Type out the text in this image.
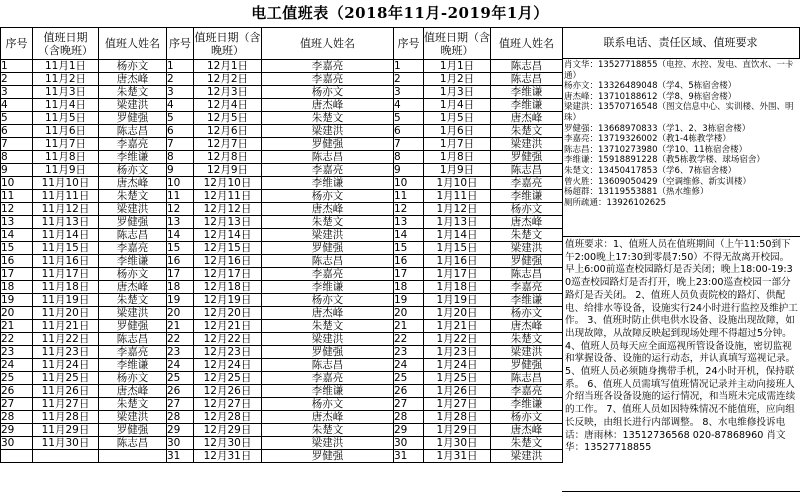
电工值班表（2018年11月-2019年1月）
序号	值班日期（含晚班）	值班人姓名	序号	值班日期（含晚班）	值班人姓名	序号	值班日期（含晚班）	值班人姓名
1	11月1日	杨亦文	1	12月1日	李嘉亮	1	1月1日	陈志昌
2	11月2日	唐杰峰	2	12月2日	李嘉亮	2	1月2日	陈志昌
3	11月3日	朱楚文	3	12月3日	杨亦文	3	1月3日	李维谦
4	11月4日	梁建洪	4	12月4日	唐杰峰	4	1月4日	李维谦
5	11月5日	罗健强	5	12月5日	朱楚文	5	1月5日	唐杰峰
6	11月6日	陈志昌	6	12月6日	梁建洪	6	1月6日	朱楚文
7	11月7日	李嘉亮	7	12月7日	罗健强	7	1月7日	梁建洪
8	11月8日	李维谦	8	12月8日	陈志昌	8	1月8日	罗健强
9	11月9日	杨亦文	9	12月9日	李嘉亮	9	1月9日	陈志昌
10	11月10日	唐杰峰	10	12月10日	李维谦	10	1月10日	李嘉亮
11	11月11日	朱楚文	11	12月11日	杨亦文	11	1月11日	李维谦
12	11月12日	梁建洪	12	12月12日	唐杰峰	12	1月12日	杨亦文
13	11月13日	罗健强	13	12月13日	朱楚文	13	1月13日	唐杰峰
14	11月14日	陈志昌	14	12月14日	梁建洪	14	1月14日	朱楚文
15	11月15日	李嘉亮	15	12月15日	罗健强	15	1月15日	梁建洪
16	11月16日	李维谦	16	12月16日	陈志昌	16	1月16日	罗健强
17	11月17日	杨亦文	17	12月17日	李嘉亮	17	1月17日	陈志昌
18	11月18日	唐杰峰	18	12月18日	李维谦	18	1月18日	李嘉亮
19	11月19日	朱楚文	19	12月19日	杨亦文	19	1月19日	李维谦
20	11月20日	梁建洪	20	12月20日	唐杰峰	20	1月20日	杨亦文
21	11月21日	罗健强	21	12月21日	朱楚文	21	1月21日	唐杰峰
22	11月22日	陈志昌	22	12月22日	梁建洪	22	1月22日	朱楚文
23	11月23日	李嘉亮	23	12月23日	罗健强	23	1月23日	梁建洪
24	11月24日	李维谦	24	12月24日	陈志昌	24	1月24日	罗健强
25	11月25日	杨亦文	25	12月25日	李嘉亮	25	1月25日	陈志昌
26	11月26日	唐杰峰	26	12月26日	李维谦	26	1月26日	李嘉亮
27	11月27日	朱楚文	27	12月27日	杨亦文	27	1月27日	李维谦
28	11月28日	梁建洪	28	12月28日	唐杰峰	28	1月28日	杨亦文
29	11月29日	罗健强	29	12月29日	朱楚文	29	1月29日	唐杰峰
30	11月30日	陈志昌	30	12月30日	梁建洪	30	1月30日	朱楚文
			31	12月31日	罗健强	31	1月31日	梁建洪
联系电话、责任区域、值班要求
肖文华：13527718855（电控、水控、发电、直饮水、一卡通）
杨亦文：13326489048（学4、5栋宿舍楼）
唐杰峰：13710188612（学8、9栋宿舍楼）
梁建洪：13570716548（图文信息中心、实训楼、外围、明珠）
罗健强：13668970833（学1、2、3栋宿舍楼）
李嘉亮：13719326002（教1-4栋教学楼）
陈志昌：13710273980（学10、11栋宿舍楼）
李维谦：15918891228（教5栋教学楼、球场宿舍）
朱楚文：13450417853（学6、7栋宿舍楼）
曾火胜：13609050429（空调维修、新实训楼）
杨超群：13119553881（热水维修）
厕所疏通：13926102625
值班要求：1、值班人员在值班期间（上午11:50到下午2:00晚上17:30到零晨7:50）不得无故离开校园。早上6:00前巡查校园路灯是否关闭；晚上18:00-19:30巡查校园路灯是否打开，晚上23:00巡查校园一部分路灯是否关闭。 2、值班人员负责院校的路灯、供配电、给排水等设备，设施实行24小时进行监控及维护工作。 3、值班时防止供电供水设备、设施出现故障，如出现故障，从故障反映起到现场处理不得超过5分钟。 4、值班人员每天应全面巡视所管设备设施，密切监视和掌握设备、设施的运行动态，并认真填写巡视记录。 5、值班人员必须随身携带手机，24小时开机，保持联系。 6、值班人员需填写值班情况记录并主动向接班人介绍当班各设备设施的运行情况，和当班未完成需连续的工作。 7、值班人员如因特殊情况不能值班，应向组长反映，由组长进行内部调整。 8、水电维修投诉电话：唐雨林：13512736568 020-87868960 肖文华：13527718855
